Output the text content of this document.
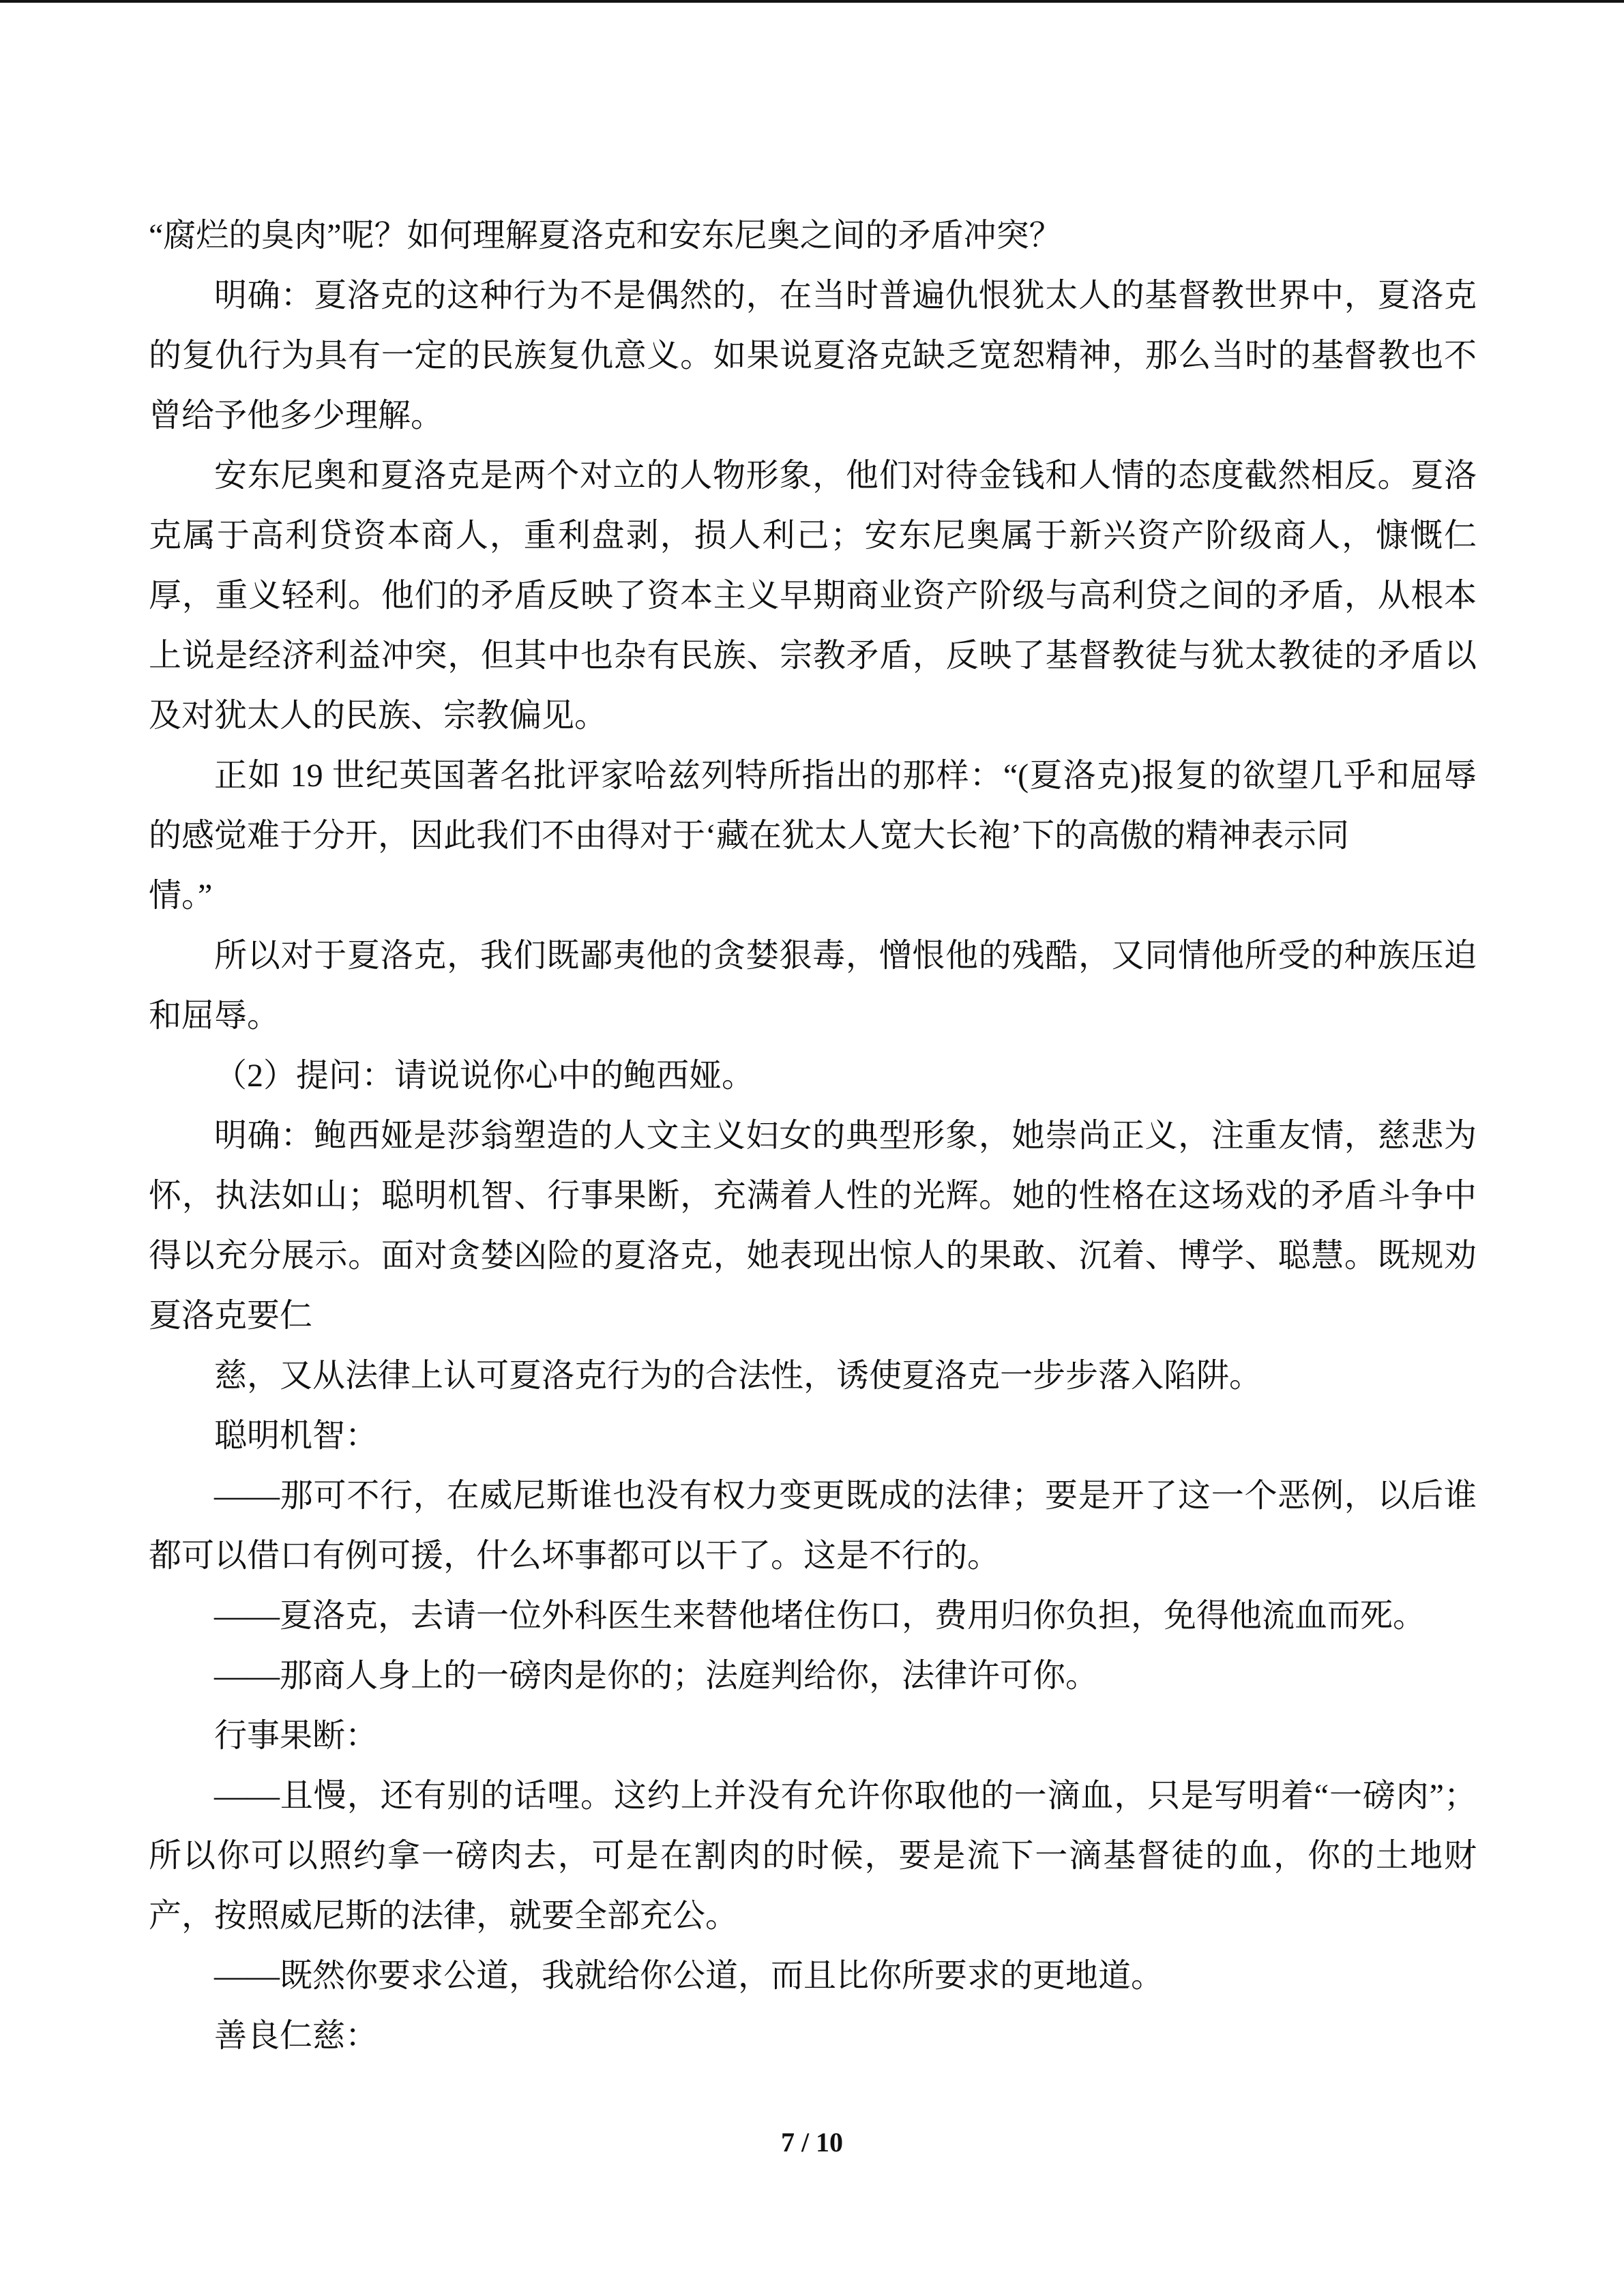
“腐烂的臭肉”呢？如何理解夏洛克和安东尼奥之间的矛盾冲突？

明确：夏洛克的这种行为不是偶然的，在当时普遍仇恨犹太人的基督教世界中，夏洛克

的复仇行为具有一定的民族复仇意义。如果说夏洛克缺乏宽恕精神，那么当时的基督教也不

曾给予他多少理解。

安东尼奥和夏洛克是两个对立的人物形象，他们对待金钱和人情的态度截然相反。夏洛

克属于高利贷资本商人，重利盘剥，损人利己；安东尼奥属于新兴资产阶级商人，慷慨仁

厚，重义轻利。他们的矛盾反映了资本主义早期商业资产阶级与高利贷之间的矛盾，从根本

上说是经济利益冲突，但其中也杂有民族、宗教矛盾，反映了基督教徒与犹太教徒的矛盾以

及对犹太人的民族、宗教偏见。

正如 19 世纪英国著名批评家哈兹列特所指出的那样：“(夏洛克)报复的欲望几乎和屈辱

的感觉难于分开，因此我们不由得对于‘藏在犹太人宽大长袍’下的高傲的精神表示同

情。”

所以对于夏洛克，我们既鄙夷他的贪婪狠毒，憎恨他的残酷，又同情他所受的种族压迫

和屈辱。

（2）提问：请说说你心中的鲍西娅。

明确：鲍西娅是莎翁塑造的人文主义妇女的典型形象，她崇尚正义，注重友情，慈悲为

怀，执法如山；聪明机智、行事果断，充满着人性的光辉。她的性格在这场戏的矛盾斗争中

得以充分展示。面对贪婪凶险的夏洛克，她表现出惊人的果敢、沉着、博学、聪慧。既规劝

夏洛克要仁

慈，又从法律上认可夏洛克行为的合法性，诱使夏洛克一步步落入陷阱。

聪明机智：

——那可不行，在威尼斯谁也没有权力变更既成的法律；要是开了这一个恶例，以后谁

都可以借口有例可援，什么坏事都可以干了。这是不行的。

——夏洛克，去请一位外科医生来替他堵住伤口，费用归你负担，免得他流血而死。

——那商人身上的一磅肉是你的；法庭判给你，法律许可你。

行事果断：

——且慢，还有别的话哩。这约上并没有允许你取他的一滴血，只是写明着“一磅肉”；

所以你可以照约拿一磅肉去，可是在割肉的时候，要是流下一滴基督徒的血，你的土地财

产，按照威尼斯的法律，就要全部充公。

——既然你要求公道，我就给你公道，而且比你所要求的更地道。

善良仁慈：

7 / 10
